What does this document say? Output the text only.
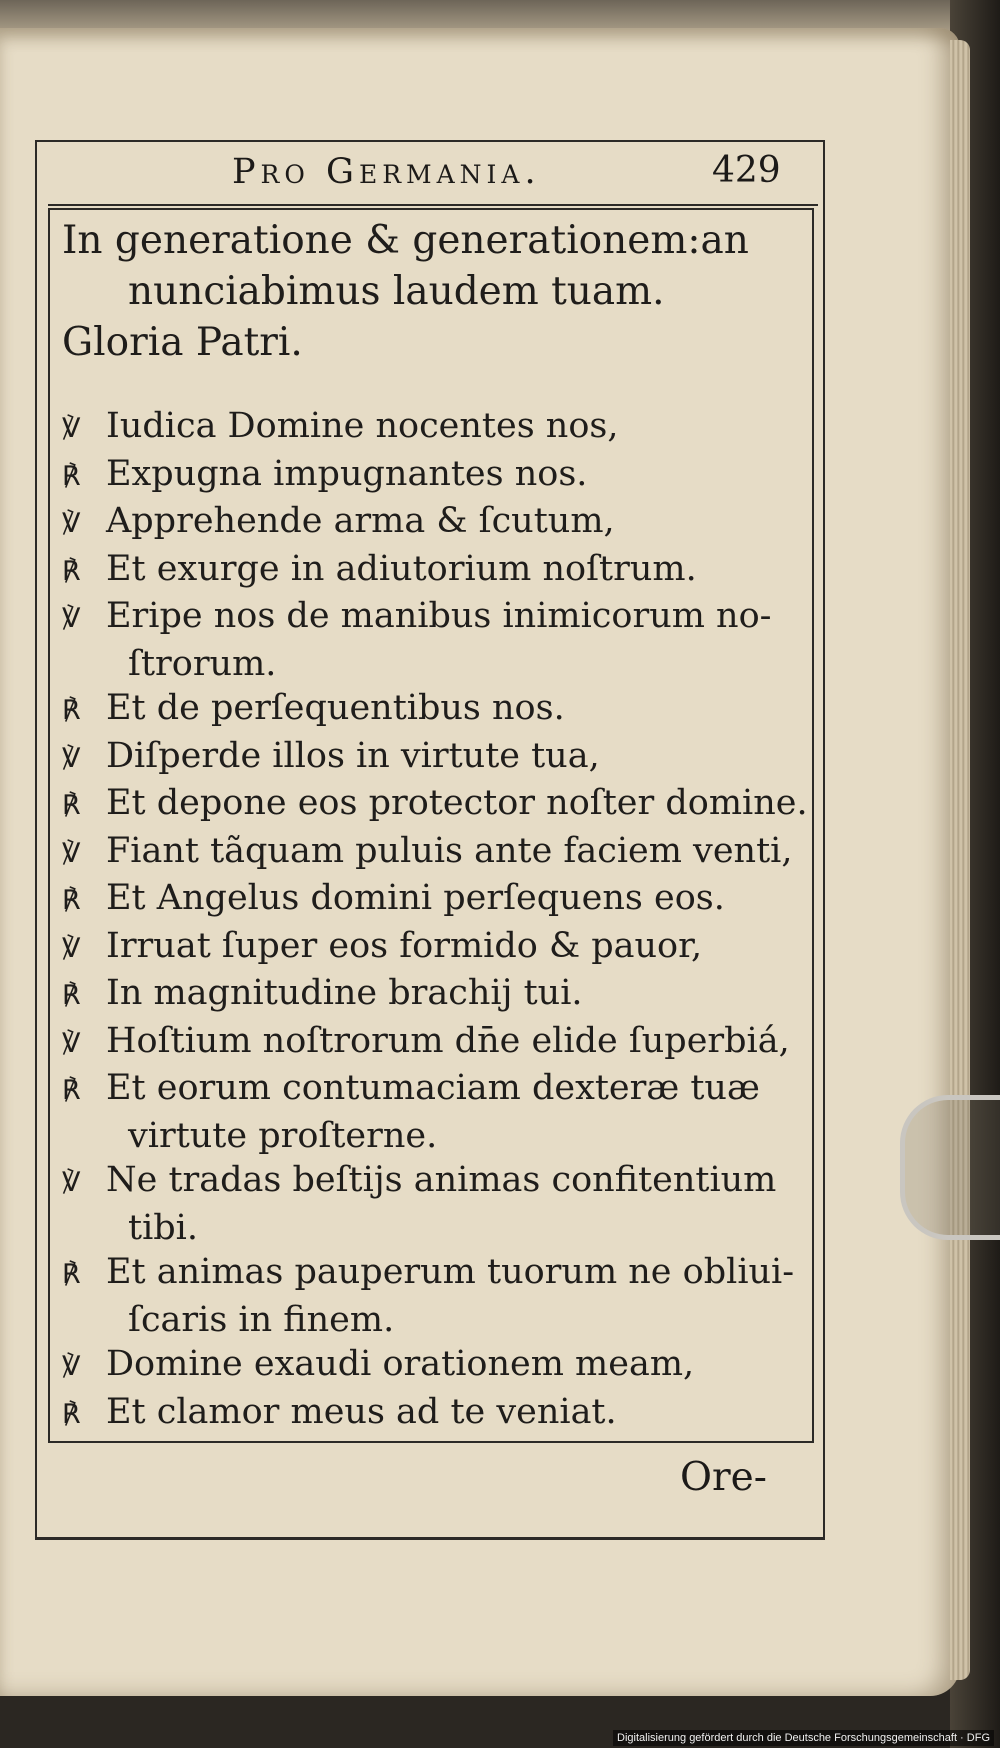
Pro Germania.	429

In generatione & generationem:an
nunciabimus laudem tuam.
Gloria Patri.
℣ Iudica Domine nocentes nos,
℟ Expugna impugnantes nos.
℣ Apprehende arma & ſcutum,
℟ Et exurge in adiutorium noſtrum.
℣ Eripe nos de manibus inimicorum no-
ſtrorum.
℟ Et de perſequentibus nos.
℣ Diſperde illos in virtute tua,
℟ Et depone eos protector noſter domine.
℣ Fiant tãquam puluis ante faciem venti,
℟ Et Angelus domini perſequens eos.
℣ Irruat ſuper eos formido & pauor,
℟ In magnitudine brachij tui.
℣ Hoſtium noſtrorum dn̄e elide ſuperbiá,
℟ Et eorum contumaciam dexteræ tuæ
virtute proſterne.
℣ Ne tradas beſtijs animas confitentium
tibi.
℟ Et animas pauperum tuorum ne obliui-
ſcaris in finem.
℣ Domine exaudi orationem meam,
℟ Et clamor meus ad te veniat.

Ore-

Digitalisierung gefördert durch die Deutsche Forschungsgemeinschaft · DFG
